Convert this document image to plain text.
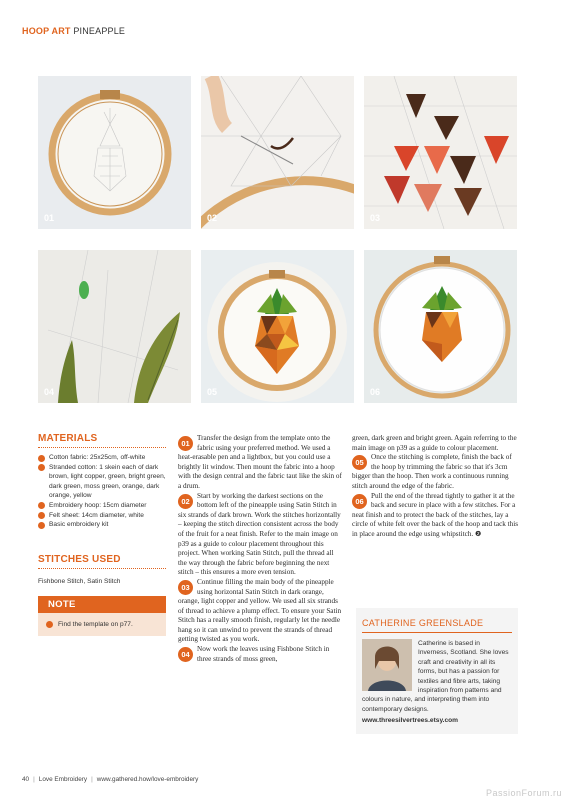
HOOP ART PINEAPPLE
01	02	03
04	05	06
MATERIALS
Cotton fabric: 25x25cm, off-white
Stranded cotton: 1 skein each of dark brown, light copper, green, bright green, dark green, moss green, orange, dark orange, yellow
Embroidery hoop: 15cm diameter
Felt sheet: 14cm diameter, white
Basic embroidery kit
STITCHES USED
Fishbone Stitch, Satin Stitch
NOTE
Find the template on p77.
01
Transfer the design from the template onto the fabric using your preferred method. We used a heat-erasable pen and a lightbox, but you could use a brightly lit window. Then mount the fabric into a hoop with the design central and the fabric taut like the skin of a drum.
02
Start by working the darkest sections on the bottom left of the pineapple using Satin Stitch in six strands of dark brown. Work the stitches horizontally – keeping the stitch direction consistent across the body of the fruit for a neat finish. Refer to the main image on p39 as a guide to colour placement throughout this project. When working Satin Stitch, pull the thread all the way through the fabric before beginning the next stitch – this ensures a more even tension.
03
Continue filling the main body of the pineapple using horizontal Satin Stitch in dark orange, orange, light copper and yellow. We used all six strands of thread to achieve a plump effect. To ensure your Satin Stitch has a really smooth finish, regularly let the needle hang so it can unwind to prevent the strands of thread getting twisted as you work.
04
Now work the leaves using Fishbone Stitch in three strands of moss green,
green, dark green and bright green. Again referring to the main image on p39 as a guide to colour placement.
05
Once the stitching is complete, finish the back of the hoop by trimming the fabric so that it's 3cm bigger than the hoop. Then work a continuous running stitch around the edge of the fabric.
06
Pull the end of the thread tightly to gather it at the back and secure in place with a few stitches. For a neat finish and to protect the back of the stitches, lay a circle of white felt over the back of the hoop and tack this in place around the edge using whipstitch. ❷
CATHERINE GREENSLADE
Catherine is based in Inverness, Scotland. She loves craft and creativity in all its forms, but has a passion for textiles and fibre arts, taking inspiration from patterns and colours in nature, and interpreting them into contemporary designs.
www.threesilvertrees.etsy.com
40 | Love Embroidery | www.gathered.how/love-embroidery
PassionForum.ru
